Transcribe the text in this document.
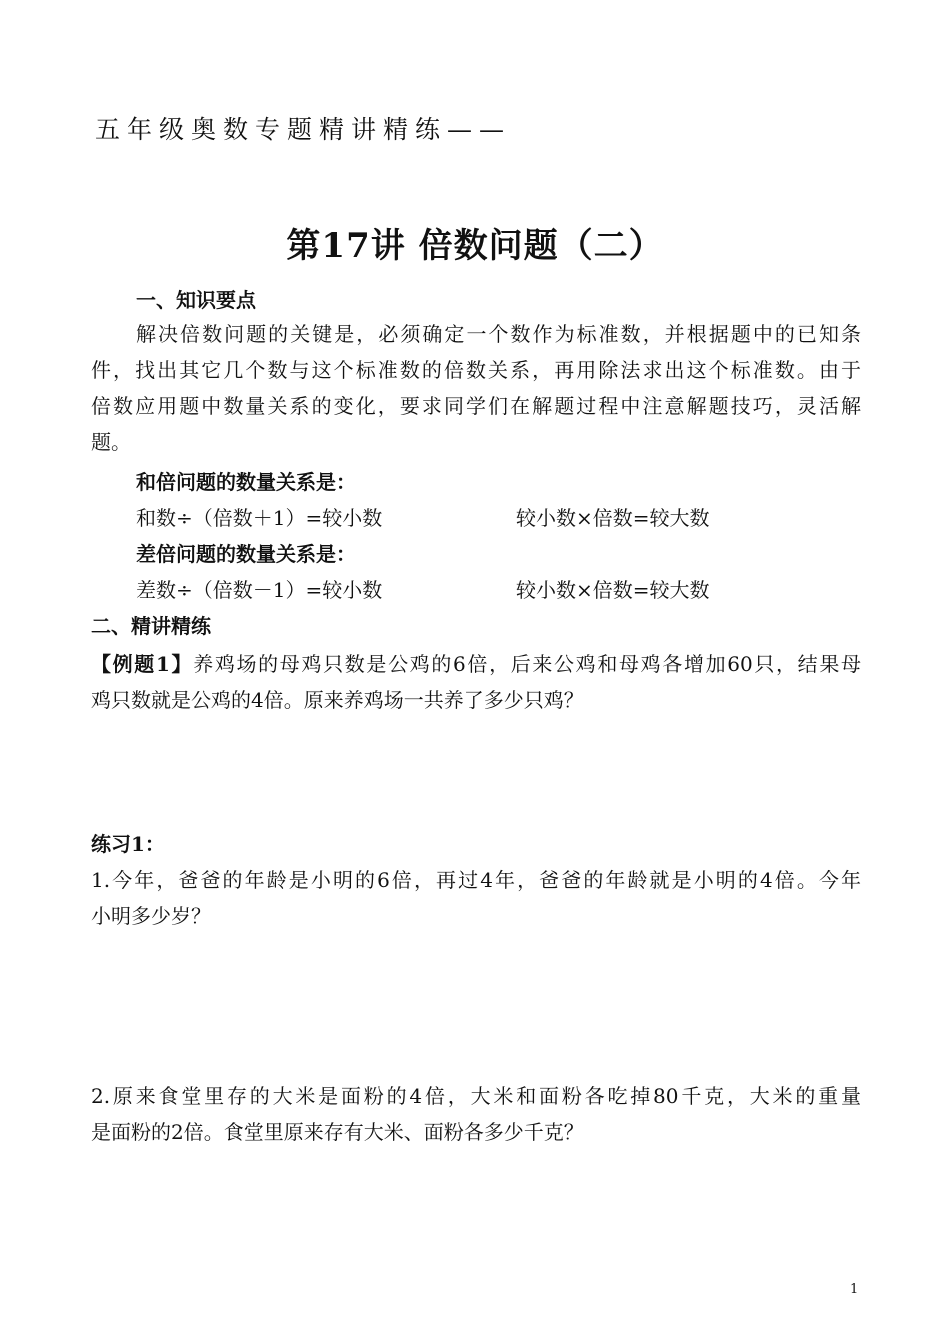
五年级奥数专题精讲精练——
第17讲 倍数问题（二）
一、知识要点
解决倍数问题的关键是，必须确定一个数作为标准数，并根据题中的已知条
件，找出其它几个数与这个标准数的倍数关系，再用除法求出这个标准数。由于
倍数应用题中数量关系的变化，要求同学们在解题过程中注意解题技巧，灵活解
题。
和倍问题的数量关系是：
和数÷（倍数＋1）=较小数	较小数×倍数=较大数
差倍问题的数量关系是：
差数÷（倍数－1）=较小数	较小数×倍数=较大数
二、精讲精练
【例题1】养鸡场的母鸡只数是公鸡的6倍，后来公鸡和母鸡各增加60只，结果母
鸡只数就是公鸡的4倍。原来养鸡场一共养了多少只鸡？
练习1：
1.今年，爸爸的年龄是小明的6倍，再过4年，爸爸的年龄就是小明的4倍。今年
小明多少岁？
2.原来食堂里存的大米是面粉的4倍，大米和面粉各吃掉80千克，大米的重量
是面粉的2倍。食堂里原来存有大米、面粉各多少千克？
1
